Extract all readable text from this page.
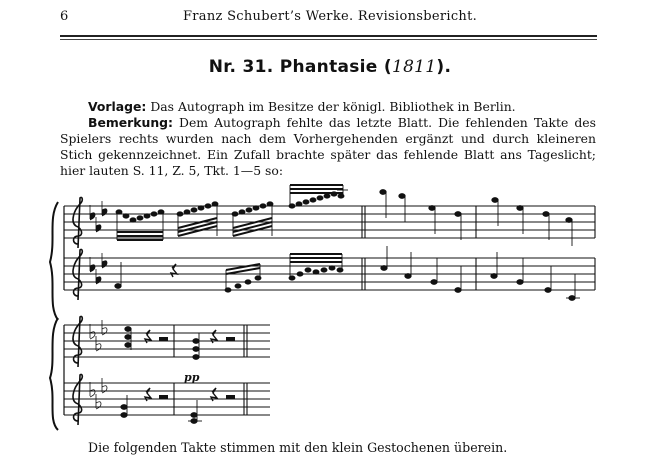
6	Franz Schubert’s Werke. Revisionsbericht.
Nr. 31. Phantasie (1811).
Vorlage: Das Autograph im Besitze der königl. Bibliothek in Berlin.
Bemerkung: Dem Autograph fehlte das letzte Blatt. Die fehlenden Takte des Spielers rechts wurden nach dem Vorhergehenden ergänzt und durch kleineren Stich gekennzeichnet. Ein Zufall brachte später das fehlende Blatt ans Tageslicht; hier lauten S. 11, Z. 5, Tkt. 1—5 so:
pp
Die folgenden Takte stimmen mit den klein Gestochenen überein.
